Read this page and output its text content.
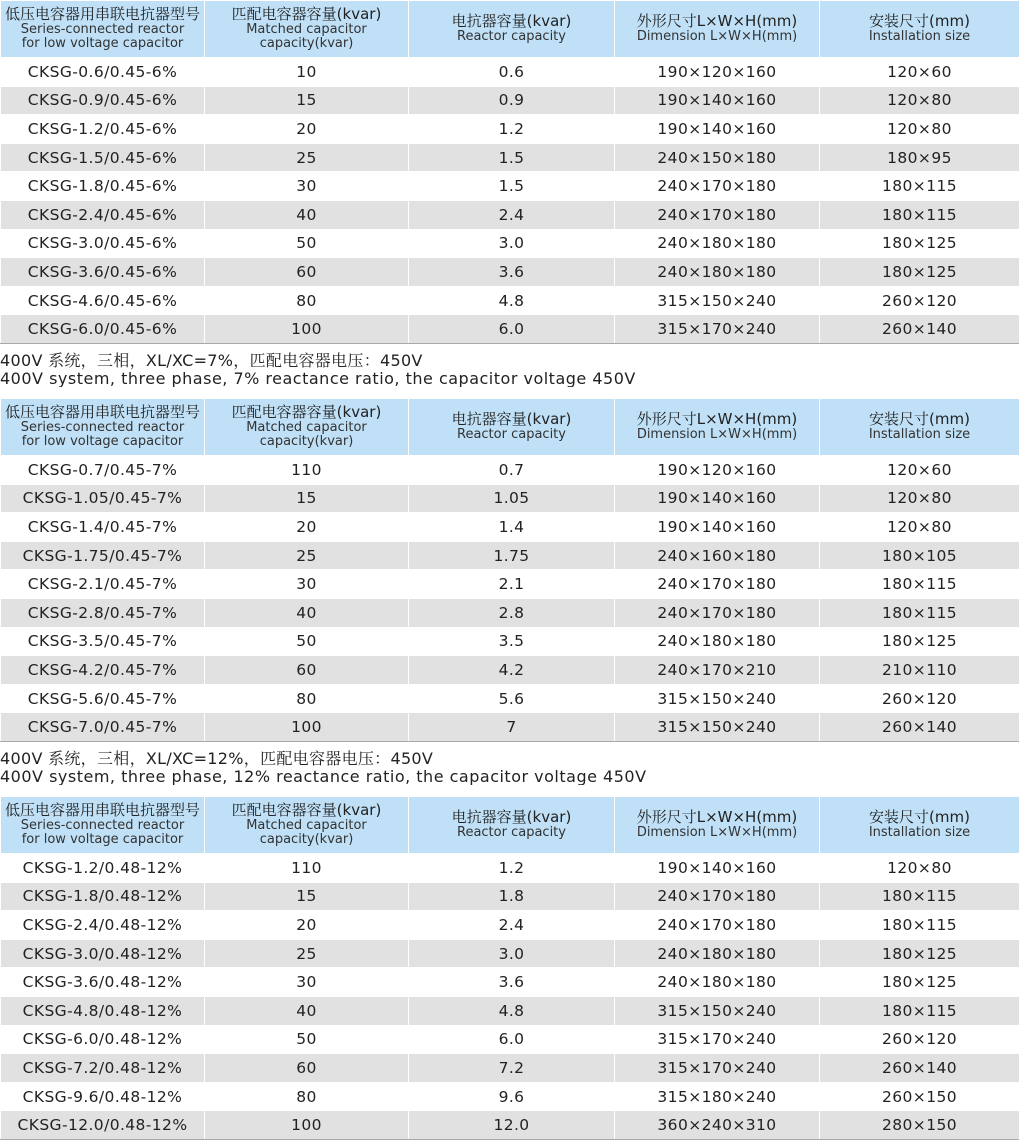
低压电容器用串联电抗器型号
Series-connected reactor
for low voltage capacitor	匹配电容器容量(kvar)
Matched capacitor
capacity(kvar)	电抗器容量(kvar)
Reactor capacity	外形尺寸L×W×H(mm)
Dimension L×W×H(mm)	安装尺寸(mm)
Installation size

CKSG-0.6/0.45-6%	10	0.6	190×120×160	120×60
CKSG-0.9/0.45-6%	15	0.9	190×140×160	120×80
CKSG-1.2/0.45-6%	20	1.2	190×140×160	120×80
CKSG-1.5/0.45-6%	25	1.5	240×150×180	180×95
CKSG-1.8/0.45-6%	30	1.5	240×170×180	180×115
CKSG-2.4/0.45-6%	40	2.4	240×170×180	180×115
CKSG-3.0/0.45-6%	50	3.0	240×180×180	180×125
CKSG-3.6/0.45-6%	60	3.6	240×180×180	180×125
CKSG-4.6/0.45-6%	80	4.8	315×150×240	260×120
CKSG-6.0/0.45-6%	100	6.0	315×170×240	260×140
400V 系统，三相，XL/XC=7%，匹配电容器电压：450V
400V system, three phase, 7% reactance ratio, the capacitor voltage 450V
低压电容器用串联电抗器型号
Series-connected reactor
for low voltage capacitor	匹配电容器容量(kvar)
Matched capacitor
capacity(kvar)	电抗器容量(kvar)
Reactor capacity	外形尺寸L×W×H(mm)
Dimension L×W×H(mm)	安装尺寸(mm)
Installation size

CKSG-0.7/0.45-7%	110	0.7	190×120×160	120×60
CKSG-1.05/0.45-7%	15	1.05	190×140×160	120×80
CKSG-1.4/0.45-7%	20	1.4	190×140×160	120×80
CKSG-1.75/0.45-7%	25	1.75	240×160×180	180×105
CKSG-2.1/0.45-7%	30	2.1	240×170×180	180×115
CKSG-2.8/0.45-7%	40	2.8	240×170×180	180×115
CKSG-3.5/0.45-7%	50	3.5	240×180×180	180×125
CKSG-4.2/0.45-7%	60	4.2	240×170×210	210×110
CKSG-5.6/0.45-7%	80	5.6	315×150×240	260×120
CKSG-7.0/0.45-7%	100	7	315×150×240	260×140
400V 系统，三相，XL/XC=12%，匹配电容器电压：450V
400V system, three phase, 12% reactance ratio, the capacitor voltage 450V
低压电容器用串联电抗器型号
Series-connected reactor
for low voltage capacitor	匹配电容器容量(kvar)
Matched capacitor
capacity(kvar)	电抗器容量(kvar)
Reactor capacity	外形尺寸L×W×H(mm)
Dimension L×W×H(mm)	安装尺寸(mm)
Installation size

CKSG-1.2/0.48-12%	110	1.2	190×140×160	120×80
CKSG-1.8/0.48-12%	15	1.8	240×170×180	180×115
CKSG-2.4/0.48-12%	20	2.4	240×170×180	180×115
CKSG-3.0/0.48-12%	25	3.0	240×180×180	180×125
CKSG-3.6/0.48-12%	30	3.6	240×180×180	180×125
CKSG-4.8/0.48-12%	40	4.8	315×150×240	180×115
CKSG-6.0/0.48-12%	50	6.0	315×170×240	260×120
CKSG-7.2/0.48-12%	60	7.2	315×170×240	260×140
CKSG-9.6/0.48-12%	80	9.6	315×180×240	260×150
CKSG-12.0/0.48-12%	100	12.0	360×240×310	280×150
